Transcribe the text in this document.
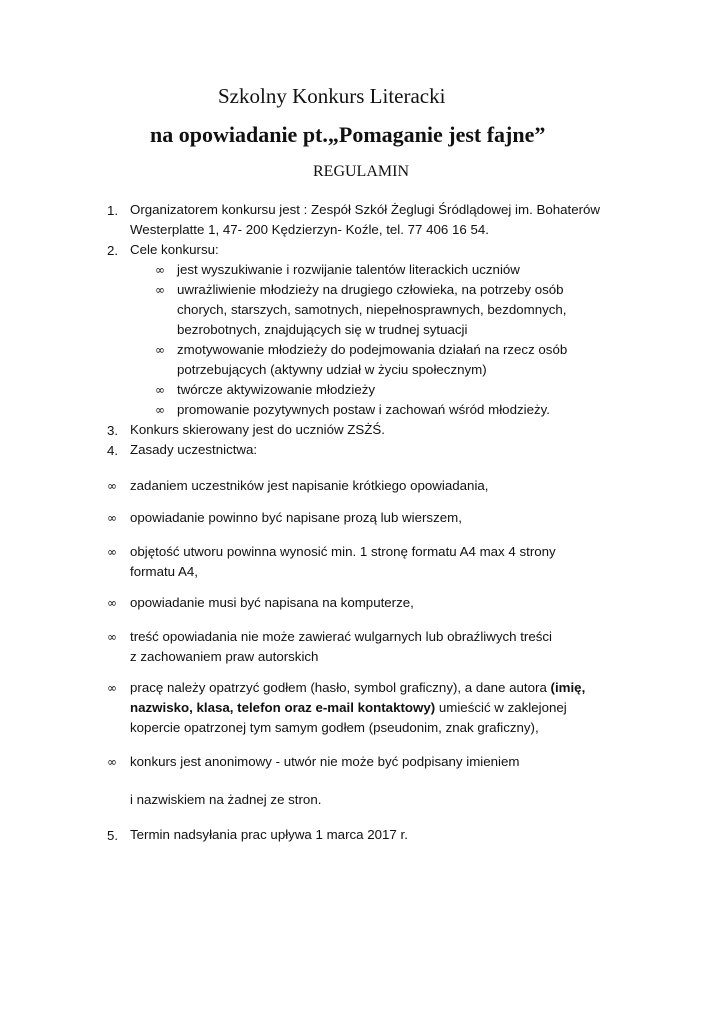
Szkolny Konkurs Literacki
na opowiadanie pt.„Pomaganie jest fajne”
REGULAMIN
1. Organizatorem konkursu jest : Zespół Szkół Żeglugi Śródlądowej im. Bohaterów
Westerplatte 1, 47- 200 Kędzierzyn- Koźle, tel. 77 406 16 54.
2. Cele konkursu:
∞ jest wyszukiwanie i rozwijanie talentów literackich uczniów
∞ uwrażliwienie młodzieży na drugiego człowieka, na potrzeby osób
chorych, starszych, samotnych, niepełnosprawnych, bezdomnych,
bezrobotnych, znajdujących się w trudnej sytuacji
∞ zmotywowanie młodzieży do podejmowania działań na rzecz osób
potrzebujących (aktywny udział w życiu społecznym)
∞ twórcze aktywizowanie młodzieży
∞ promowanie pozytywnych postaw i zachowań wśród młodzieży.
3. Konkurs skierowany jest do uczniów ZSŻŚ.
4. Zasady uczestnictwa:
∞ zadaniem uczestników jest napisanie krótkiego opowiadania,
∞ opowiadanie powinno być napisane prozą lub wierszem,
∞ objętość utworu powinna wynosić min. 1 stronę formatu A4 max 4 strony
formatu A4,
∞ opowiadanie musi być napisana na komputerze,
∞ treść opowiadania nie może zawierać wulgarnych lub obraźliwych treści
z zachowaniem praw autorskich
∞ pracę należy opatrzyć godłem (hasło, symbol graficzny), a dane autora (imię,
nazwisko, klasa, telefon oraz e-mail kontaktowy) umieścić w zaklejonej
kopercie opatrzonej tym samym godłem (pseudonim, znak graficzny),
∞ konkurs jest anonimowy - utwór nie może być podpisany imieniem
i nazwiskiem na żadnej ze stron.
5. Termin nadsyłania prac upływa 1 marca 2017 r.
